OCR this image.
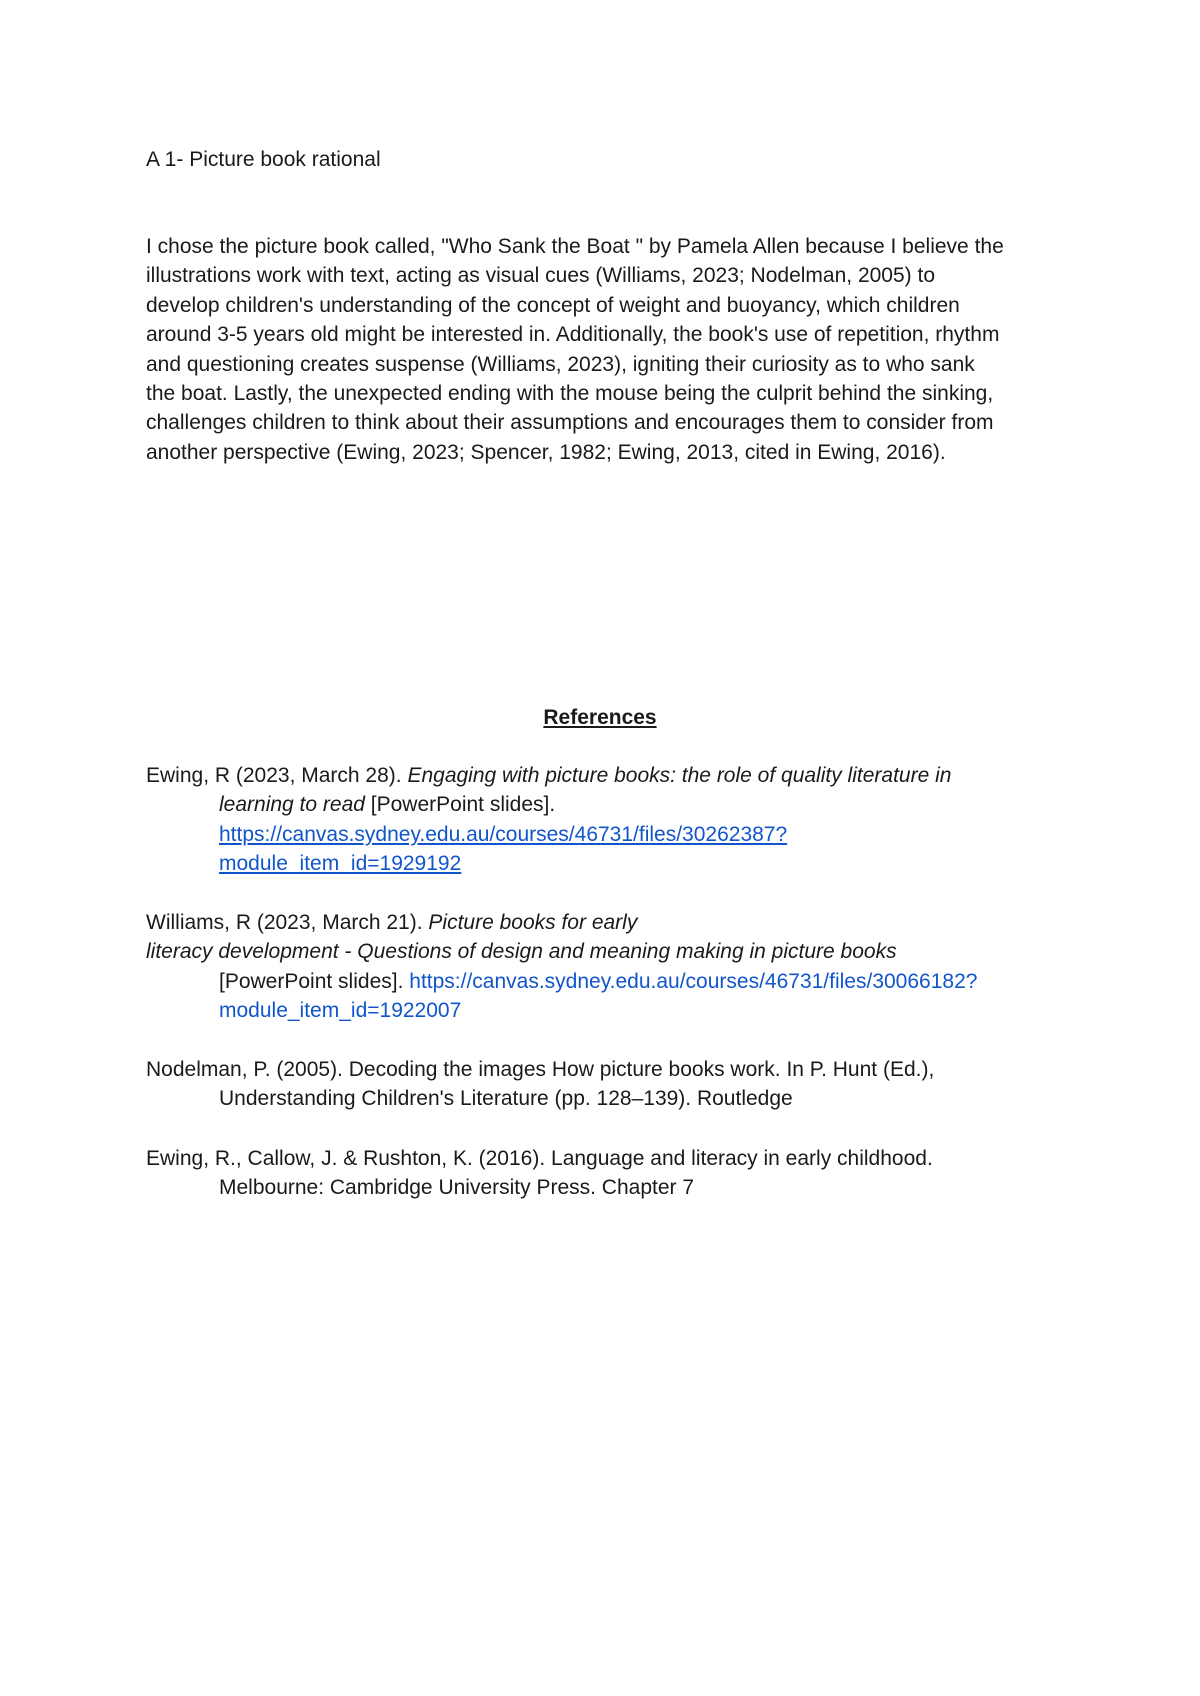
A 1- Picture book rational

I chose the picture book called, "Who Sank the Boat " by Pamela Allen because I believe the
illustrations work with text, acting as visual cues (Williams, 2023; Nodelman, 2005) to
develop children's understanding of the concept of weight and buoyancy, which children
around 3-5 years old might be interested in. Additionally, the book's use of repetition, rhythm
and questioning creates suspense (Williams, 2023), igniting their curiosity as to who sank
the boat. Lastly, the unexpected ending with the mouse being the culprit behind the sinking,
challenges children to think about their assumptions and encourages them to consider from
another perspective (Ewing, 2023; Spencer, 1982; Ewing, 2013, cited in Ewing, 2016).

References
Ewing, R (2023, March 28). Engaging with picture books: the role of quality literature in
learning to read [PowerPoint slides].
https://canvas.sydney.edu.au/courses/46731/files/30262387?
module_item_id=1929192
Williams, R (2023, March 21). Picture books for early
literacy development - Questions of design and meaning making in picture books
[PowerPoint slides]. https://canvas.sydney.edu.au/courses/46731/files/30066182?
module_item_id=1922007
Nodelman, P. (2005). Decoding the images How picture books work. In P. Hunt (Ed.),
Understanding Children's Literature (pp. 128–139). Routledge
Ewing, R., Callow, J. & Rushton, K. (2016). Language and literacy in early childhood.
Melbourne: Cambridge University Press. Chapter 7
